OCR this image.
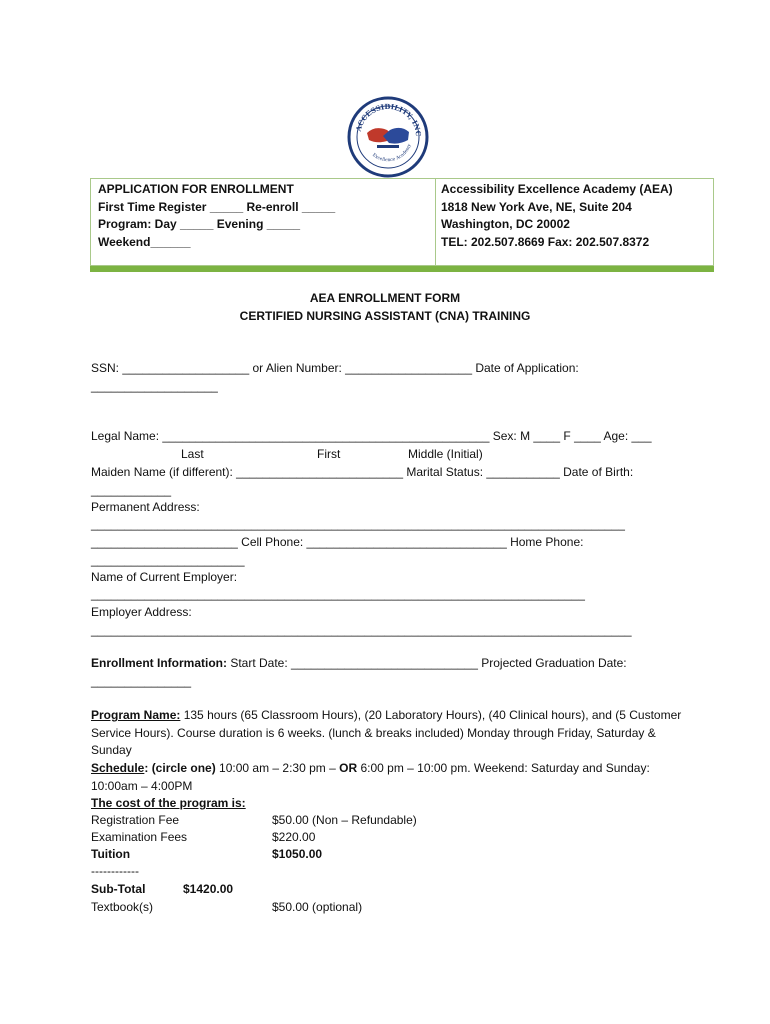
ACCESSIBILITY, INC
Excellence Academy
APPLICATION FOR ENROLLMENT
First Time Register _____ Re-enroll _____
Program: Day _____ Evening _____
Weekend______
Accessibility Excellence Academy (AEA)
1818 New York Ave, NE, Suite 204
Washington, DC 20002
TEL: 202.507.8669 Fax: 202.507.8372
AEA ENROLLMENT FORM
CERTIFIED NURSING ASSISTANT (CNA) TRAINING
SSN: ___________________ or Alien Number: ___________________ Date of Application:
___________________
Legal Name: _________________________________________________ Sex: M ____ F ____ Age: ___
Last	First	Middle (Initial)
Maiden Name (if different): _________________________ Marital Status: ___________ Date of Birth:
____________
Permanent Address:
________________________________________________________________________________
______________________ Cell Phone: ______________________________ Home Phone:
_______________________
Name of Current Employer:
__________________________________________________________________________
Employer Address:
_________________________________________________________________________________
Enrollment Information: Start Date: ____________________________ Projected Graduation Date:
_______________
Program Name: 135 hours (65 Classroom Hours), (20 Laboratory Hours), (40 Clinical hours), and (5 Customer Service Hours). Course duration is 6 weeks. (lunch & breaks included) Monday through Friday, Saturday & Sunday
Schedule: (circle one) 10:00 am – 2:30 pm – OR 6:00 pm – 10:00 pm. Weekend: Saturday and Sunday: 10:00am – 4:00PM
The cost of the program is:
Registration Fee	$50.00 (Non – Refundable)
Examination Fees	$220.00
Tuition	$1050.00
------------
Sub-Total	$1420.00
Textbook(s)	$50.00 (optional)
